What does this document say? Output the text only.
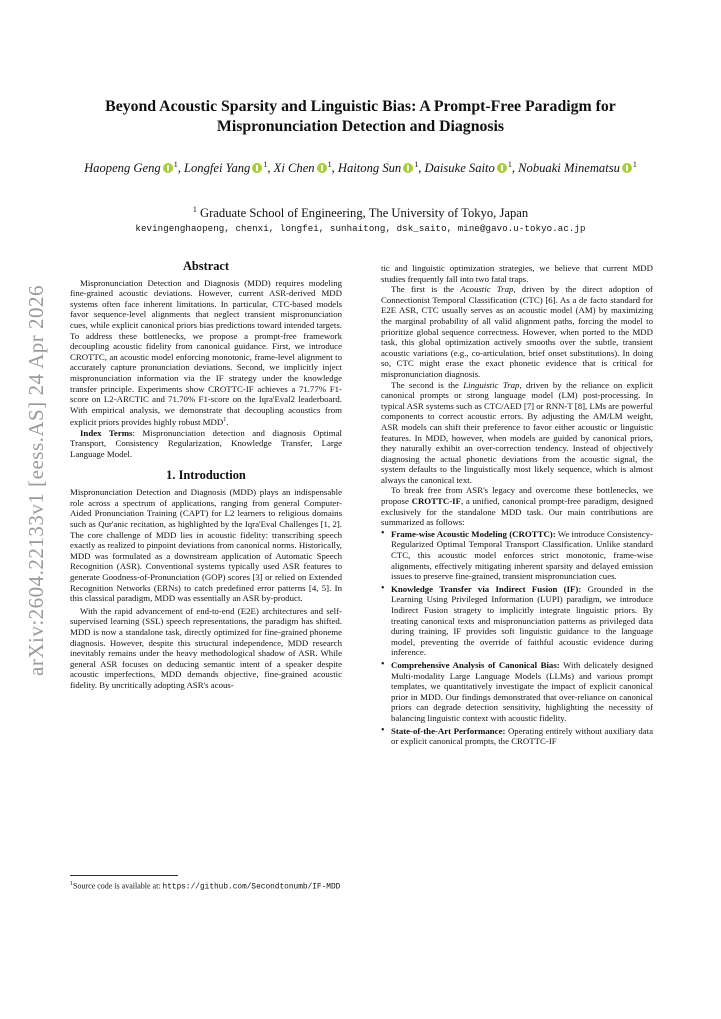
arXiv:2604.22133v1 [eess.AS] 24 Apr 2026
Beyond Acoustic Sparsity and Linguistic Bias: A Prompt-Free Paradigm for Mispronunciation Detection and Diagnosis
Haopeng Geng $^1$, Longfei Yang $^1$, Xi Chen $^1$, Haitong Sun $^1$, Daisuke Saito $^1$, Nobuaki Minematsu $^1$
$^1$ Graduate School of Engineering, The University of Tokyo, Japan
kevingenghaopeng, chenxi, longfei, sunhaitong, dsk_saito, mine@gavo.u-tokyo.ac.jp
Abstract

Mispronunciation Detection and Diagnosis (MDD) requires modeling fine-grained acoustic deviations. However, current ASR-derived MDD systems often face inherent limitations. In particular, CTC-based models favor sequence-level alignments that neglect transient mispronunciation cues, while explicit canonical priors bias predictions toward intended targets. To address these bottlenecks, we propose a prompt-free framework decoupling acoustic fidelity from canonical guidance. First, we introduce CROTTC, an acoustic model enforcing monotonic, frame-level alignment to accurately capture pronunciation deviations. Second, we implicitly inject mispronunciation information via the IF strategy under the knowledge transfer principle. Experiments show CROTTC-IF achieves a 71.77% F1-score on L2-ARCTIC and 71.70% F1-score on the Iqra'Eval2 leaderboard. With empirical analysis, we demonstrate that decoupling acoustics from explicit priors provides highly robust MDD$^1$.

Index Terms: Mispronunciation detection and diagnosis Optimal Transport, Consistency Regularization, Knowledge Transfer, Large Language Model.

1. Introduction

Mispronunciation Detection and Diagnosis (MDD) plays an indispensable role across a spectrum of applications, ranging from general Computer-Aided Pronunciation Training (CAPT) for L2 learners to religious domains such as Qur'anic recitation, as highlighted by the Iqra'Eval Challenges [1, 2]. The core challenge of MDD lies in acoustic fidelity: transcribing speech exactly as realized to pinpoint deviations from canonical norms. Historically, MDD was formulated as a downstream application of Automatic Speech Recognition (ASR). Conventional systems typically used ASR features to generate Goodness-of-Pronunciation (GOP) scores [3] or relied on Extended Recognition Networks (ERNs) to catch predefined error patterns [4, 5]. In this classical paradigm, MDD was essentially an ASR by-product.

With the rapid advancement of end-to-end (E2E) architectures and self-supervised learning (SSL) speech representations, the paradigm has shifted. MDD is now a standalone task, directly optimized for fine-grained phoneme diagnosis. However, despite this structural independence, MDD research inevitably remains under the heavy methodological shadow of ASR. While general ASR focuses on deducing semantic intent of a speaker despite acoustic imperfections, MDD demands objective, fine-grained acoustic fidelity. By uncritically adopting ASR's acous-

tic and linguistic optimization strategies, we believe that current MDD studies frequently fall into two fatal traps.

The first is the Acoustic Trap, driven by the direct adoption of Connectionist Temporal Classification (CTC) [6]. As a de facto standard for E2E ASR, CTC usually serves as an acoustic model (AM) by maximizing the marginal probability of all valid alignment paths, forcing the model to prioritize global sequence correctness. However, when ported to the MDD task, this global optimization actively smooths over the subtle, transient acoustic variations (e.g., co-articulation, brief onset substitutions). In doing so, CTC might erase the exact phonetic evidence that is critical for mispronunciation diagnosis.

The second is the Linguistic Trap, driven by the reliance on explicit canonical prompts or strong language model (LM) post-processing. In typical ASR systems such as CTC/AED [7] or RNN-T [8], LMs are powerful components to correct acoustic errors. By adjusting the AM/LM weight, ASR models can shift their preference to favor either acoustic or linguistic features. In MDD, however, when models are guided by canonical priors, they naturally exhibit an over-correction tendency. Instead of objectively diagnosing the actual phonetic deviations from the acoustic signal, the system defaults to the linguistically most likely sequence, which is almost always the canonical text.

To break free from ASR's legacy and overcome these bottlenecks, we propose CROTTC-IF, a unified, canonical prompt-free paradigm, designed exclusively for the standalone MDD task. Our main contributions are summarized as follows:

• Frame-wise Acoustic Modeling (CROTTC): We introduce Consistency-Regularized Optimal Temporal Transport Classification. Unlike standard CTC, this acoustic model enforces strict monotonic, frame-wise alignments, effectively mitigating inherent sparsity and delayed emission issues to preserve fine-grained, transient mispronunciation cues.
• Knowledge Transfer via Indirect Fusion (IF): Grounded in the Learning Using Privileged Information (LUPI) paradigm, we introduce Indirect Fusion stragety to implicitly integrate linguistic priors. By treating canonical texts and mispronunciation patterns as privileged data during training, IF provides soft linguistic guidance to the language model, preventing the override of faithful acoustic evidence during inference.
• Comprehensive Analysis of Canonical Bias: With delicately designed Multi-modality Large Language Models (LLMs) and various prompt templates, we quantitatively investigate the impact of explicit canonical prior in MDD. Our findings demonstrated that over-reliance on canonical priors can degrade detection sensitivity, highlighting the necessity of balancing linguistic context with acoustic fidelity.
• State-of-the-Art Performance: Operating entirely without auxiliary data or explicit canonical prompts, the CROTTC-IF
$^1$Source code is available at: https://github.com/Secondtonumb/IF-MDD
